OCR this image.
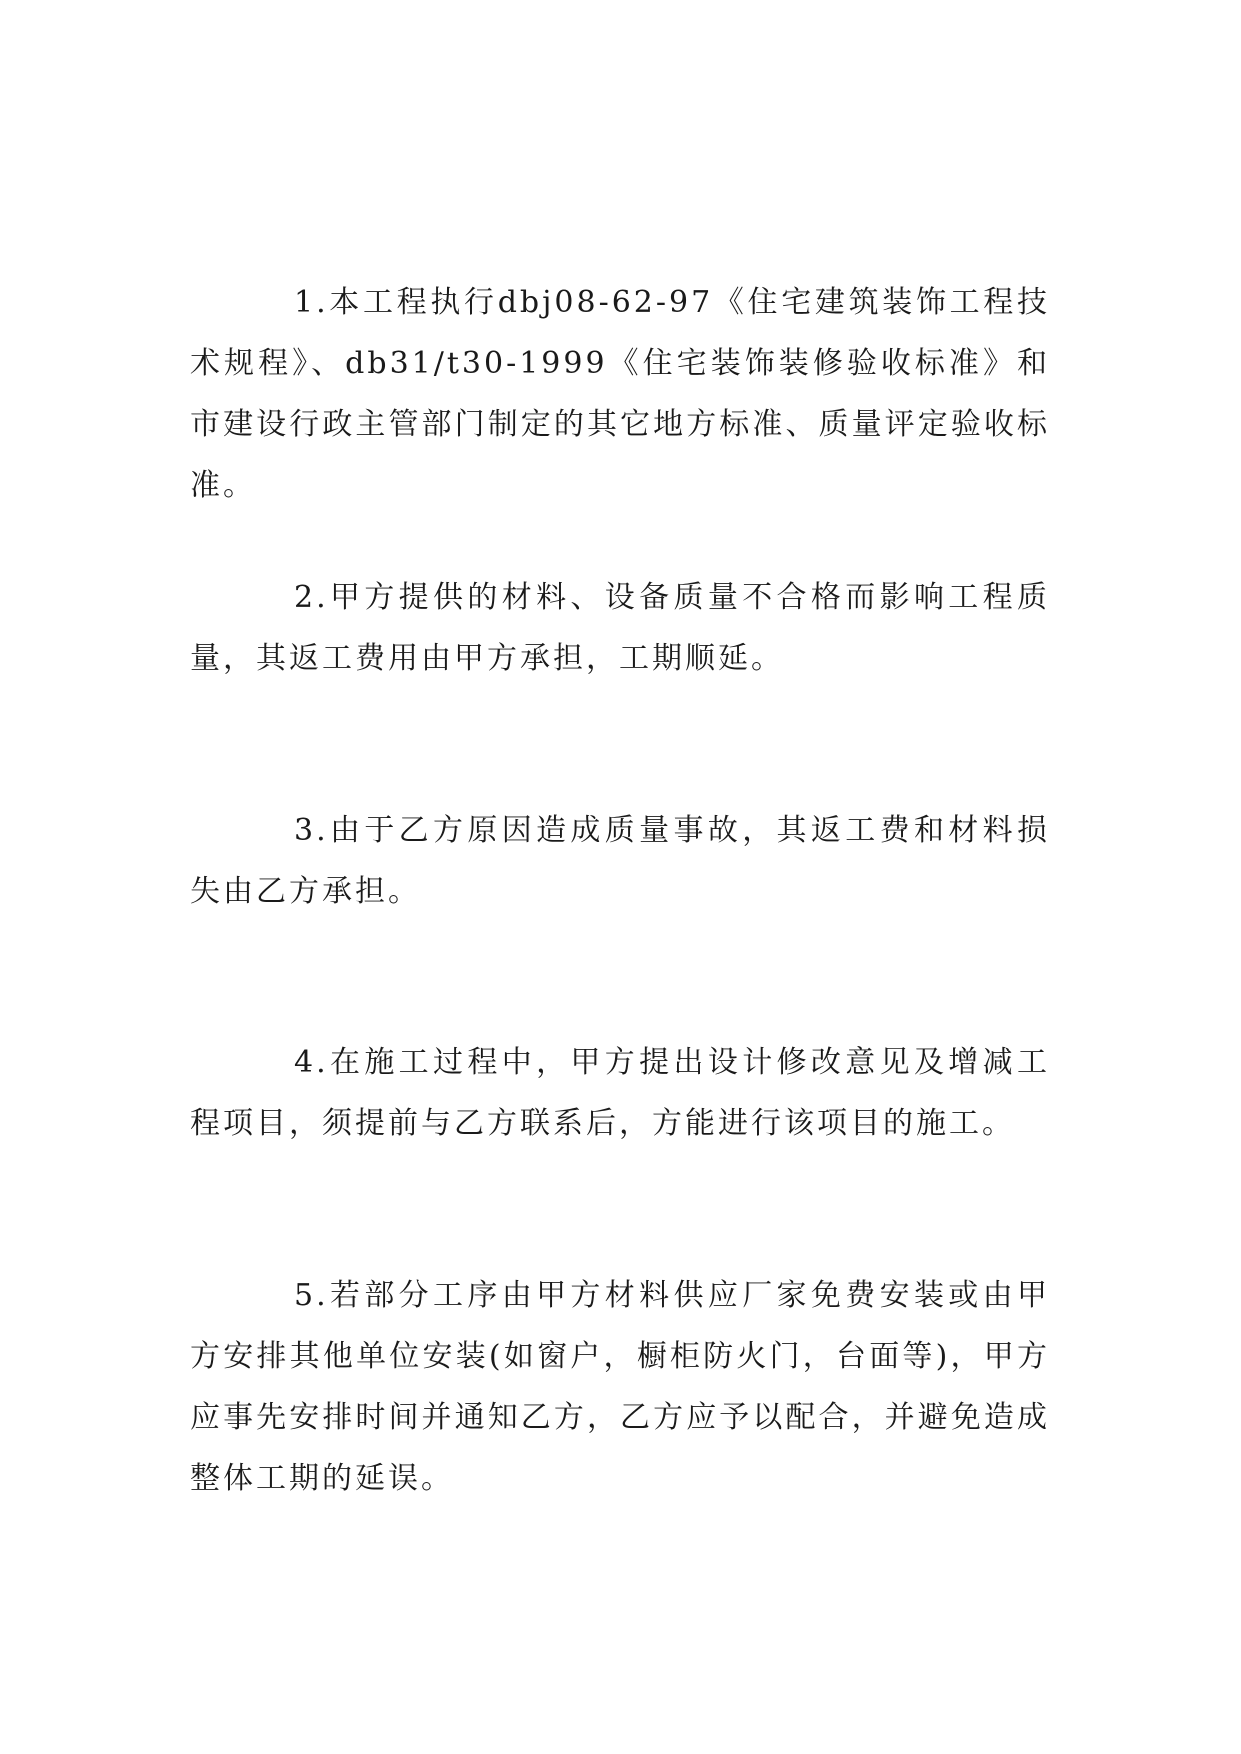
1.本工程执行dbj08-62-97《住宅建筑装饰工程技术规程》、db31/t30-1999《住宅装饰装修验收标准》和市建设行政主管部门制定的其它地方标准、质量评定验收标准。

2.甲方提供的材料、设备质量不合格而影响工程质量，其返工费用由甲方承担，工期顺延。

3.由于乙方原因造成质量事故，其返工费和材料损失由乙方承担。

4.在施工过程中，甲方提出设计修改意见及增减工程项目，须提前与乙方联系后，方能进行该项目的施工。

5.若部分工序由甲方材料供应厂家免费安装或由甲方安排其他单位安装(如窗户，橱柜防火门，台面等)，甲方应事先安排时间并通知乙方，乙方应予以配合，并避免造成整体工期的延误。
